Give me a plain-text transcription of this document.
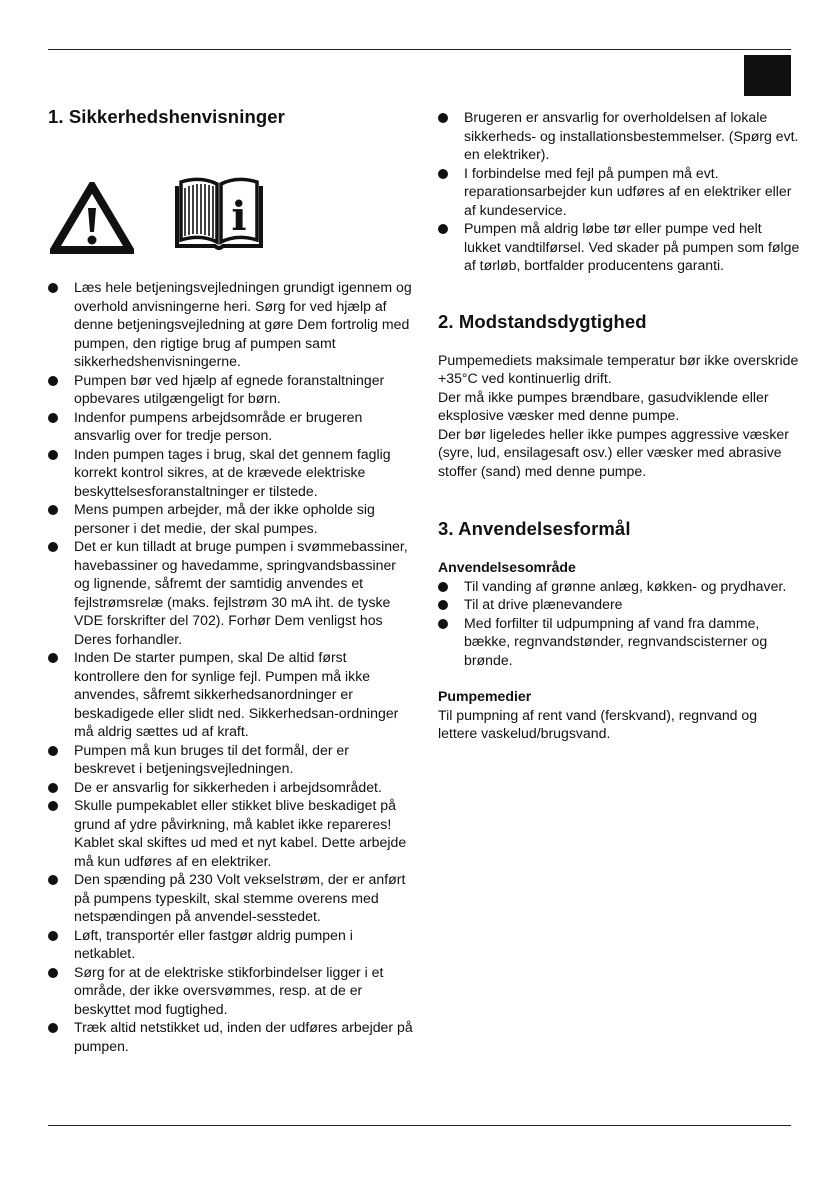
1. Sikkerhedshenvisninger
i
Læs hele betjeningsvejledningen grundigt igennem og overhold anvisningerne heri. Sørg for ved hjælp af denne betjeningsvejledning at gøre Dem fortrolig med pumpen, den rigtige brug af pumpen samt sikkerhedshenvisningerne.
Pumpen bør ved hjælp af egnede foranstaltninger opbevares utilgængeligt for børn.
Indenfor pumpens arbejdsområde er brugeren ansvarlig over for tredje person.
Inden pumpen tages i brug, skal det gennem faglig korrekt kontrol sikres, at de krævede elektriske beskyttelsesforanstaltninger er tilstede.
Mens pumpen arbejder, må der ikke opholde sig personer i det medie, der skal pumpes.
Det er kun tilladt at bruge pumpen i svømmebassiner, havebassiner og havedamme, springvandsbassiner og lignende, såfremt der samtidig anvendes et fejlstrømsrelæ (maks. fejlstrøm 30 mA iht. de tyske VDE forskrifter del 702). Forhør Dem venligst hos Deres forhandler.
Inden De starter pumpen, skal De altid først kontrollere den for synlige fejl. Pumpen må ikke anvendes, såfremt sikkerhedsanordninger er beskadigede eller slidt ned. Sikkerhedsan-ordninger må aldrig sættes ud af kraft.
Pumpen må kun bruges til det formål, der er beskrevet i betjeningsvejledningen.
De er ansvarlig for sikkerheden i arbejdsområdet.
Skulle pumpekablet eller stikket blive beskadiget på grund af ydre påvirkning, må kablet ikke repareres! Kablet skal skiftes ud med et nyt kabel. Dette arbejde må kun udføres af en elektriker.
Den spænding på 230 Volt vekselstrøm, der er anført på pumpens typeskilt, skal stemme overens med netspændingen på anvendel-sesstedet.
Løft, transportér eller fastgør aldrig pumpen i netkablet.
Sørg for at de elektriske stikforbindelser ligger i et område, der ikke oversvømmes, resp. at de er beskyttet mod fugtighed.
Træk altid netstikket ud, inden der udføres arbejder på pumpen.
Brugeren er ansvarlig for overholdelsen af lokale sikkerheds- og installationsbestemmelser. (Spørg evt. en elektriker).
I forbindelse med fejl på pumpen må evt. reparationsarbejder kun udføres af en elektriker eller af kundeservice.
Pumpen må aldrig løbe tør eller pumpe ved helt lukket vandtilførsel. Ved skader på pumpen som følge af tørløb, bortfalder producentens garanti.
2. Modstandsdygtighed

Pumpemediets maksimale temperatur bør ikke overskride +35°C ved kontinuerlig drift.

Der må ikke pumpes brændbare, gasudviklende eller eksplosive væsker med denne pumpe.

Der bør ligeledes heller ikke pumpes aggressive væsker (syre, lud, ensilagesaft osv.) eller væsker med abrasive stoffer (sand) med denne pumpe.

3. Anvendelsesformål

Anvendelsesområde

Til vanding af grønne anlæg, køkken- og prydhaver.
Til at drive plænevandere
Med forfilter til udpumpning af vand fra damme, bække, regnvandstønder, regnvandscisterner og brønde.

Pumpemedier

Til pumpning af rent vand (ferskvand), regnvand og lettere vaskelud/brugsvand.
